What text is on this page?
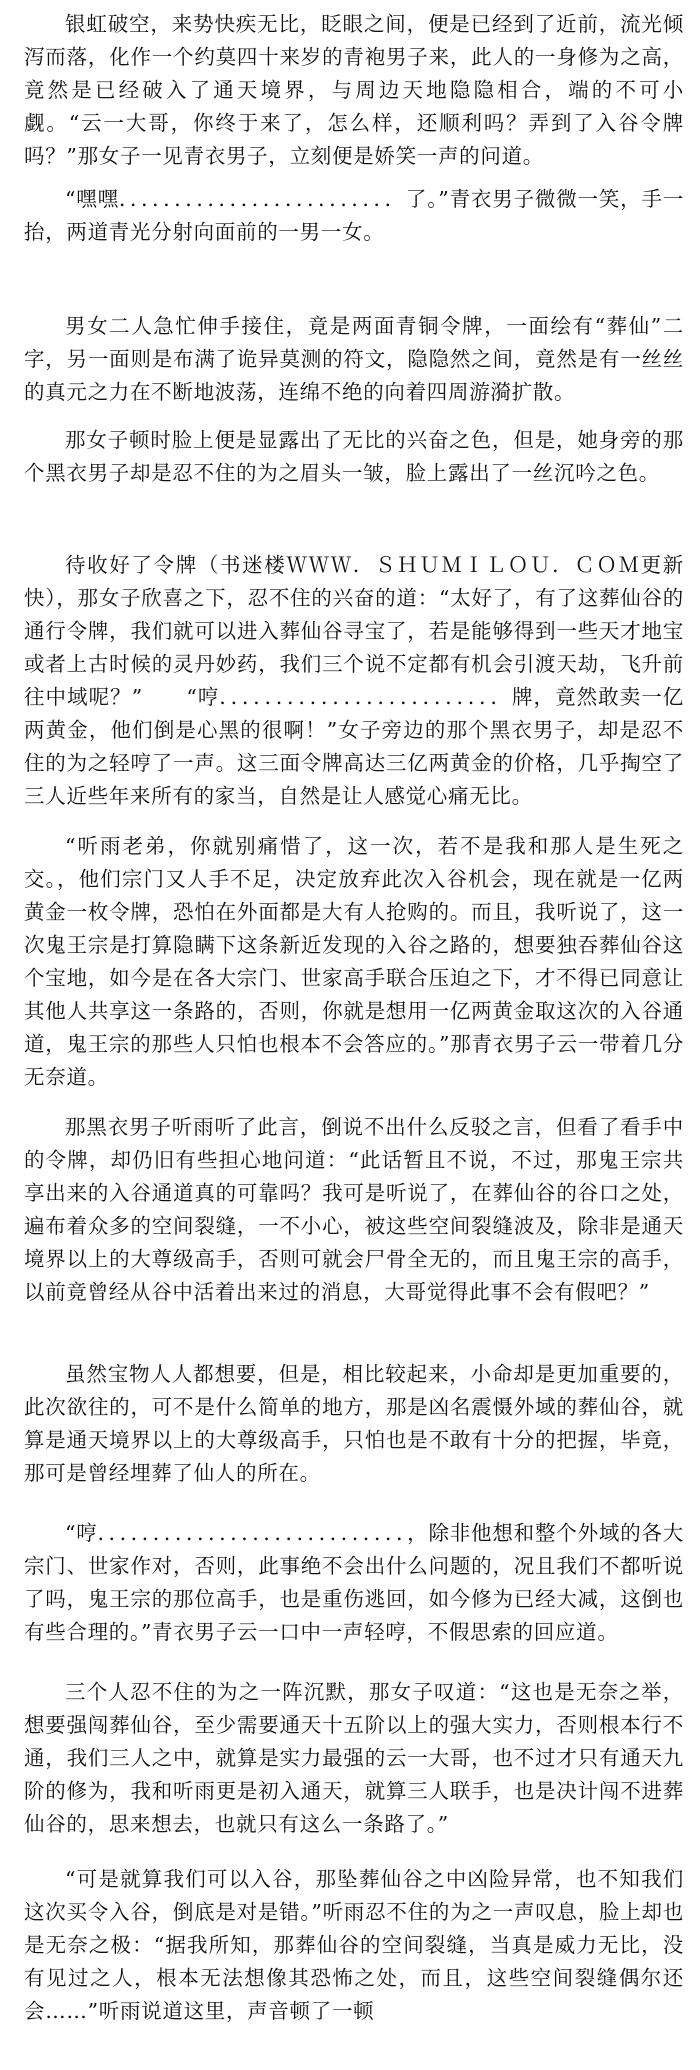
银虹破空，来势快疾无比，眨眼之间，便是已经到了近前，流光倾泻而落，化作一个约莫四十来岁的青袍男子来，此人的一身修为之高，竟然是已经破入了通天境界，与周边天地隐隐相合，端的不可小觑。“云一大哥，你终于来了，怎么样，还顺利吗？弄到了入谷令牌吗？”那女子一见青衣男子，立刻便是娇笑一声的问道。

“嘿嘿．．．．．．．．．．．．．．．．．．．．．．．．．了。”青衣男子微微一笑，手一抬，两道青光分射向面前的一男一女。

男女二人急忙伸手接住，竟是两面青铜令牌，一面绘有“葬仙”二字，另一面则是布满了诡异莫测的符文，隐隐然之间，竟然是有一丝丝的真元之力在不断地波荡，连绵不绝的向着四周游漪扩散。

那女子顿时脸上便是显露出了无比的兴奋之色，但是，她身旁的那个黑衣男子却是忍不住的为之眉头一皱，脸上露出了一丝沉吟之色。

待收好了令牌（书迷楼ＷＷＷ．ＳＨＵＭＩＬＯＵ．ＣＯＭ更新快），那女子欣喜之下，忍不住的兴奋的道：“太好了，有了这葬仙谷的通行令牌，我们就可以进入葬仙谷寻宝了，若是能够得到一些天才地宝或者上古时候的灵丹妙药，我们三个说不定都有机会引渡天劫，飞升前往中域呢？”　　“哼．．．．．．．．．．．．．．．．．．．．．．．．．牌，竟然敢卖一亿两黄金，他们倒是心黑的很啊！”女子旁边的那个黑衣男子，却是忍不住的为之轻哼了一声。这三面令牌高达三亿两黄金的价格，几乎掏空了三人近些年来所有的家当，自然是让人感觉心痛无比。

“听雨老弟，你就别痛惜了，这一次，若不是我和那人是生死之交。，他们宗门又人手不足，决定放弃此次入谷机会，现在就是一亿两黄金一枚令牌，恐怕在外面都是大有人抢购的。而且，我听说了，这一次鬼王宗是打算隐瞒下这条新近发现的入谷之路的，想要独吞葬仙谷这个宝地，如今是在各大宗门、世家高手联合压迫之下，才不得已同意让其他人共享这一条路的，否则，你就是想用一亿两黄金取这次的入谷通道，鬼王宗的那些人只怕也根本不会答应的。”那青衣男子云一带着几分无奈道。

那黑衣男子听雨听了此言，倒说不出什么反驳之言，但看了看手中的令牌，却仍旧有些担心地问道：“此话暂且不说，不过，那鬼王宗共享出来的入谷通道真的可靠吗？我可是听说了，在葬仙谷的谷口之处，遍布着众多的空间裂缝，一不小心，被这些空间裂缝波及，除非是通天境界以上的大尊级高手，否则可就会尸骨全无的，而且鬼王宗的高手，以前竟曾经从谷中活着出来过的消息，大哥觉得此事不会有假吧？”

虽然宝物人人都想要，但是，相比较起来，小命却是更加重要的，此次欲往的，可不是什么简单的地方，那是凶名震慑外域的葬仙谷，就算是通天境界以上的大尊级高手，只怕也是不敢有十分的把握，毕竟，那可是曾经埋葬了仙人的所在。

“哼．．．．．．．．．．．．．．．．．．．．．．．．．．．．，除非他想和整个外域的各大宗门、世家作对，否则，此事绝不会出什么问题的，况且我们不都听说了吗，鬼王宗的那位高手，也是重伤逃回，如今修为已经大减，这倒也有些合理的。”青衣男子云一口中一声轻哼，不假思索的回应道。

三个人忍不住的为之一阵沉默，那女子叹道：“这也是无奈之举，想要强闯葬仙谷，至少需要通天十五阶以上的强大实力，否则根本行不通，我们三人之中，就算是实力最强的云一大哥，也不过才只有通天九阶的修为，我和听雨更是初入通天，就算三人联手，也是决计闯不进葬仙谷的，思来想去，也就只有这么一条路了。”

“可是就算我们可以入谷，那坠葬仙谷之中凶险异常，也不知我们这次买令入谷，倒底是对是错。”听雨忍不住的为之一声叹息，脸上却也是无奈之极：“据我所知，那葬仙谷的空间裂缝，当真是威力无比，没有见过之人，根本无法想像其恐怖之处，而且，这些空间裂缝偶尔还会……”听雨说道这里，声音顿了一顿
